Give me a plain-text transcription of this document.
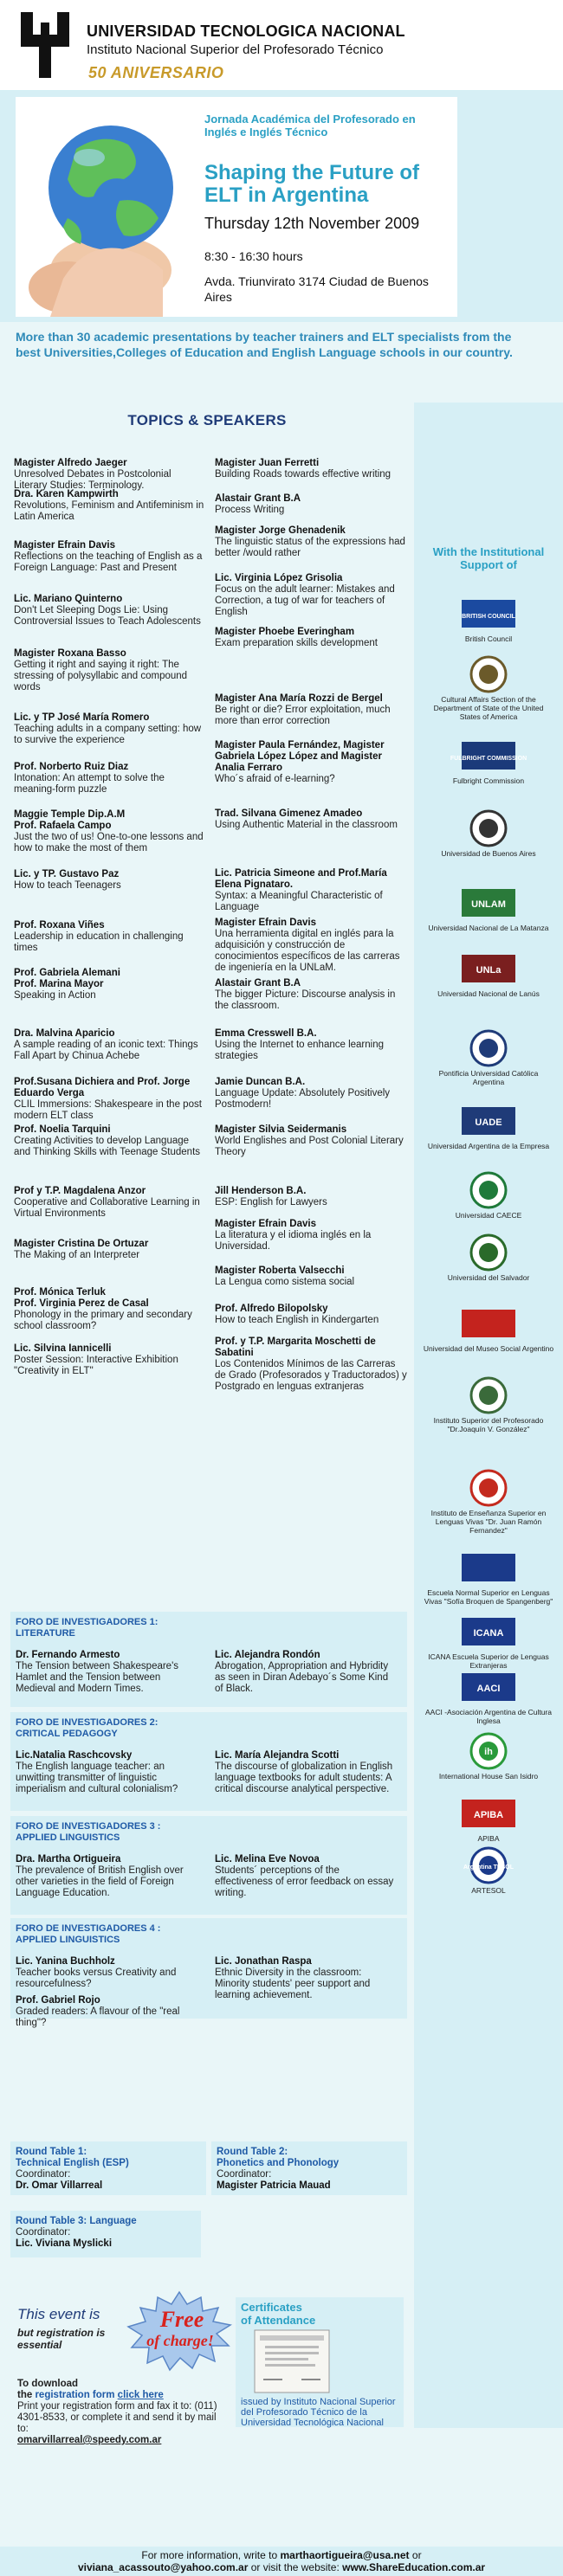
UNIVERSIDAD TECNOLOGICA NACIONAL
Instituto Nacional Superior del Profesorado Técnico
50 ANIVERSARIO
Jornada Académica del Profesorado en Inglés e Inglés Técnico
Shaping the Future of ELT in Argentina
Thursday 12th November 2009
8:30 - 16:30 hours
Avda. Triunvirato 3174 Ciudad de Buenos Aires
More than 30 academic presentations by teacher trainers and ELT specialists from the best Universities,Colleges of Education and English Language schools in our country.
With the Institutional Support of
BRITISH COUNCIL
British Council
Cultural Affairs Section of the Department of State of the United States of America
FULBRIGHT COMMISSION
Fulbright Commission
Universidad de Buenos Aires
UNLAM
Universidad Nacional de La Matanza
UNLa
Universidad Nacional de Lanús
Pontificia Universidad Católica Argentina
UADE
Universidad Argentina de la Empresa
Universidad CAECE
Universidad del Salvador
Universidad del Museo Social Argentino
Instituto Superior del Profesorado "Dr.Joaquín V. González"
Instituto de Enseñanza Superior en Lenguas Vivas "Dr. Juan Ramón Fernandez"
Escuela Normal Superior en Lenguas Vivas "Sofía Broquen de Spangenberg"
ICANA
ICANA Escuela Superior de Lenguas Extranjeras
AACI
AACI -Asociación Argentina de Cultura Inglesa
ih
International House San Isidro
APIBA
APIBA
Argentina TESOL
ARTESOL
TOPICS & SPEAKERS
Magister Alfredo Jaeger
Unresolved Debates in Postcolonial Literary Studies: Terminology.
Dra. Karen Kampwirth
Revolutions, Feminism and Antifeminism in Latin America
Magister Efrain Davis
Reflections on the teaching of English as a Foreign Language: Past and Present
Lic. Mariano Quinterno
Don't Let Sleeping Dogs Lie: Using Controversial Issues to Teach Adolescents
Magister Roxana Basso
Getting it right and saying it right: The stressing of polysyllabic and compound words
Lic. y TP José María Romero
Teaching adults in a company setting: how to survive the experience
Prof. Norberto Ruiz Diaz
Intonation: An attempt to solve the meaning-form puzzle
Maggie Temple Dip.A.M
Prof. Rafaela Campo
Just the two of us! One-to-one lessons and how to make the most of them
Lic. y TP. Gustavo Paz
How to teach Teenagers
Prof. Roxana Viñes
Leadership in education in challenging times
Prof. Gabriela Alemani
Prof. Marina Mayor
Speaking in Action
Dra. Malvina Aparicio
A sample reading of an iconic text: Things Fall Apart by Chinua Achebe
Prof.Susana Dichiera and Prof. Jorge Eduardo Verga
CLIL Immersions: Shakespeare in the post modern ELT class
Prof. Noelia Tarquini
Creating Activities to develop Language and Thinking Skills with Teenage Students
Prof y T.P. Magdalena Anzor
Cooperative and Collaborative Learning in Virtual Environments
Magister Cristina De Ortuzar
The Making of an Interpreter
Prof. Mónica Terluk
Prof. Virginia Perez de Casal
Phonology in the primary and secondary school classroom?
Lic. Silvina Iannicelli
Poster Session: Interactive Exhibition "Creativity in ELT"
Magister Juan Ferretti
Building Roads towards effective writing
Alastair Grant B.A
Process Writing
Magister Jorge Ghenadenik
The linguistic status of the expressions had better /would rather
Lic. Virginia López Grisolia
Focus on the adult learner: Mistakes and Correction, a tug of war for teachers of English
Magister Phoebe Everingham
Exam preparation skills development
Magister Ana María Rozzi de Bergel
Be right or die? Error exploitation, much more than error correction
Magister Paula Fernández, Magister Gabriela López López and Magister Analia Ferraro
Who´s afraid of e-learning?
Trad. Silvana Gimenez Amadeo
Using Authentic Material in the classroom
Lic. Patricia Simeone and Prof.María Elena Pignataro.
Syntax: a Meaningful Characteristic of Language
Magister Efrain Davis
Una herramienta digital en inglés para la adquisición y construcción de conocimientos específicos de las carreras de ingeniería en la UNLaM.
Alastair Grant B.A
The bigger Picture: Discourse analysis in the classroom.
Emma Cresswell B.A.
Using the Internet to enhance learning strategies
Jamie Duncan B.A.
Language Update: Absolutely Positively Postmodern!
Magister Silvia Seidermanis
World Englishes and Post Colonial Literary Theory
Jill Henderson B.A.
ESP: English for Lawyers
Magister Efrain Davis
La literatura y el idioma inglés en la Universidad.
Magister Roberta Valsecchi
La Lengua como sistema social
Prof. Alfredo Bilopolsky
How to teach English in Kindergarten
Prof. y T.P. Margarita Moschetti de Sabatini
Los Contenidos Mínimos de las Carreras de Grado (Profesorados y Traductorados) y Postgrado en lenguas extranjeras
FORO DE INVESTIGADORES 1:
LITERATURE
Dr. Fernando Armesto
The Tension between Shakespeare's Hamlet and the Tension between Medieval and Modern Times.
Lic. Alejandra Rondón
Abrogation, Appropriation and Hybridity as seen in Diran Adebayo´s Some Kind of Black.
FORO DE INVESTIGADORES 2:
CRITICAL PEDAGOGY
Lic.Natalia Raschcovsky
The English language teacher: an unwitting transmitter of linguistic imperialism and cultural colonialism?
Lic. María Alejandra Scotti
The discourse of globalization in English language textbooks for adult students: A critical discourse analytical perspective.
FORO DE INVESTIGADORES 3 :
APPLIED LINGUISTICS
Dra. Martha Ortigueira
The prevalence of British English over other varieties in the field of Foreign Language Education.
Lic. Melina Eve Novoa
Students´ perceptions of the effectiveness of error feedback on essay writing.
FORO DE INVESTIGADORES 4 :
APPLIED LINGUISTICS
Lic. Yanina Buchholz
Teacher books versus Creativity and resourcefulness?
Prof. Gabriel Rojo
Graded readers: A flavour of the "real thing"?
Lic. Jonathan Raspa
Ethnic Diversity in the classroom: Minority students' peer support and learning achievement.
Round Table 1:
Technical English (ESP)
Coordinator:
Dr. Omar Villarreal
Round Table 2:
Phonetics and Phonology
Coordinator:
Magister Patricia Mauad
Round Table 3: Language
Coordinator:
Lic. Viviana Myslicki
This event is
but registration is essential
Free
of charge!
To download
the registration form click here
Print your registration form and fax it to: (011) 4301-8533, or complete it and send it by mail to:
omarvillarreal@speedy.com.ar
Certificates
of Attendance
issued by Instituto Nacional Superior del Profesorado Técnico de la Universidad Tecnológica Nacional
For more information, write to marthaortigueira@usa.net or
viviana_acassouto@yahoo.com.ar or visit the website: www.ShareEducation.com.ar
